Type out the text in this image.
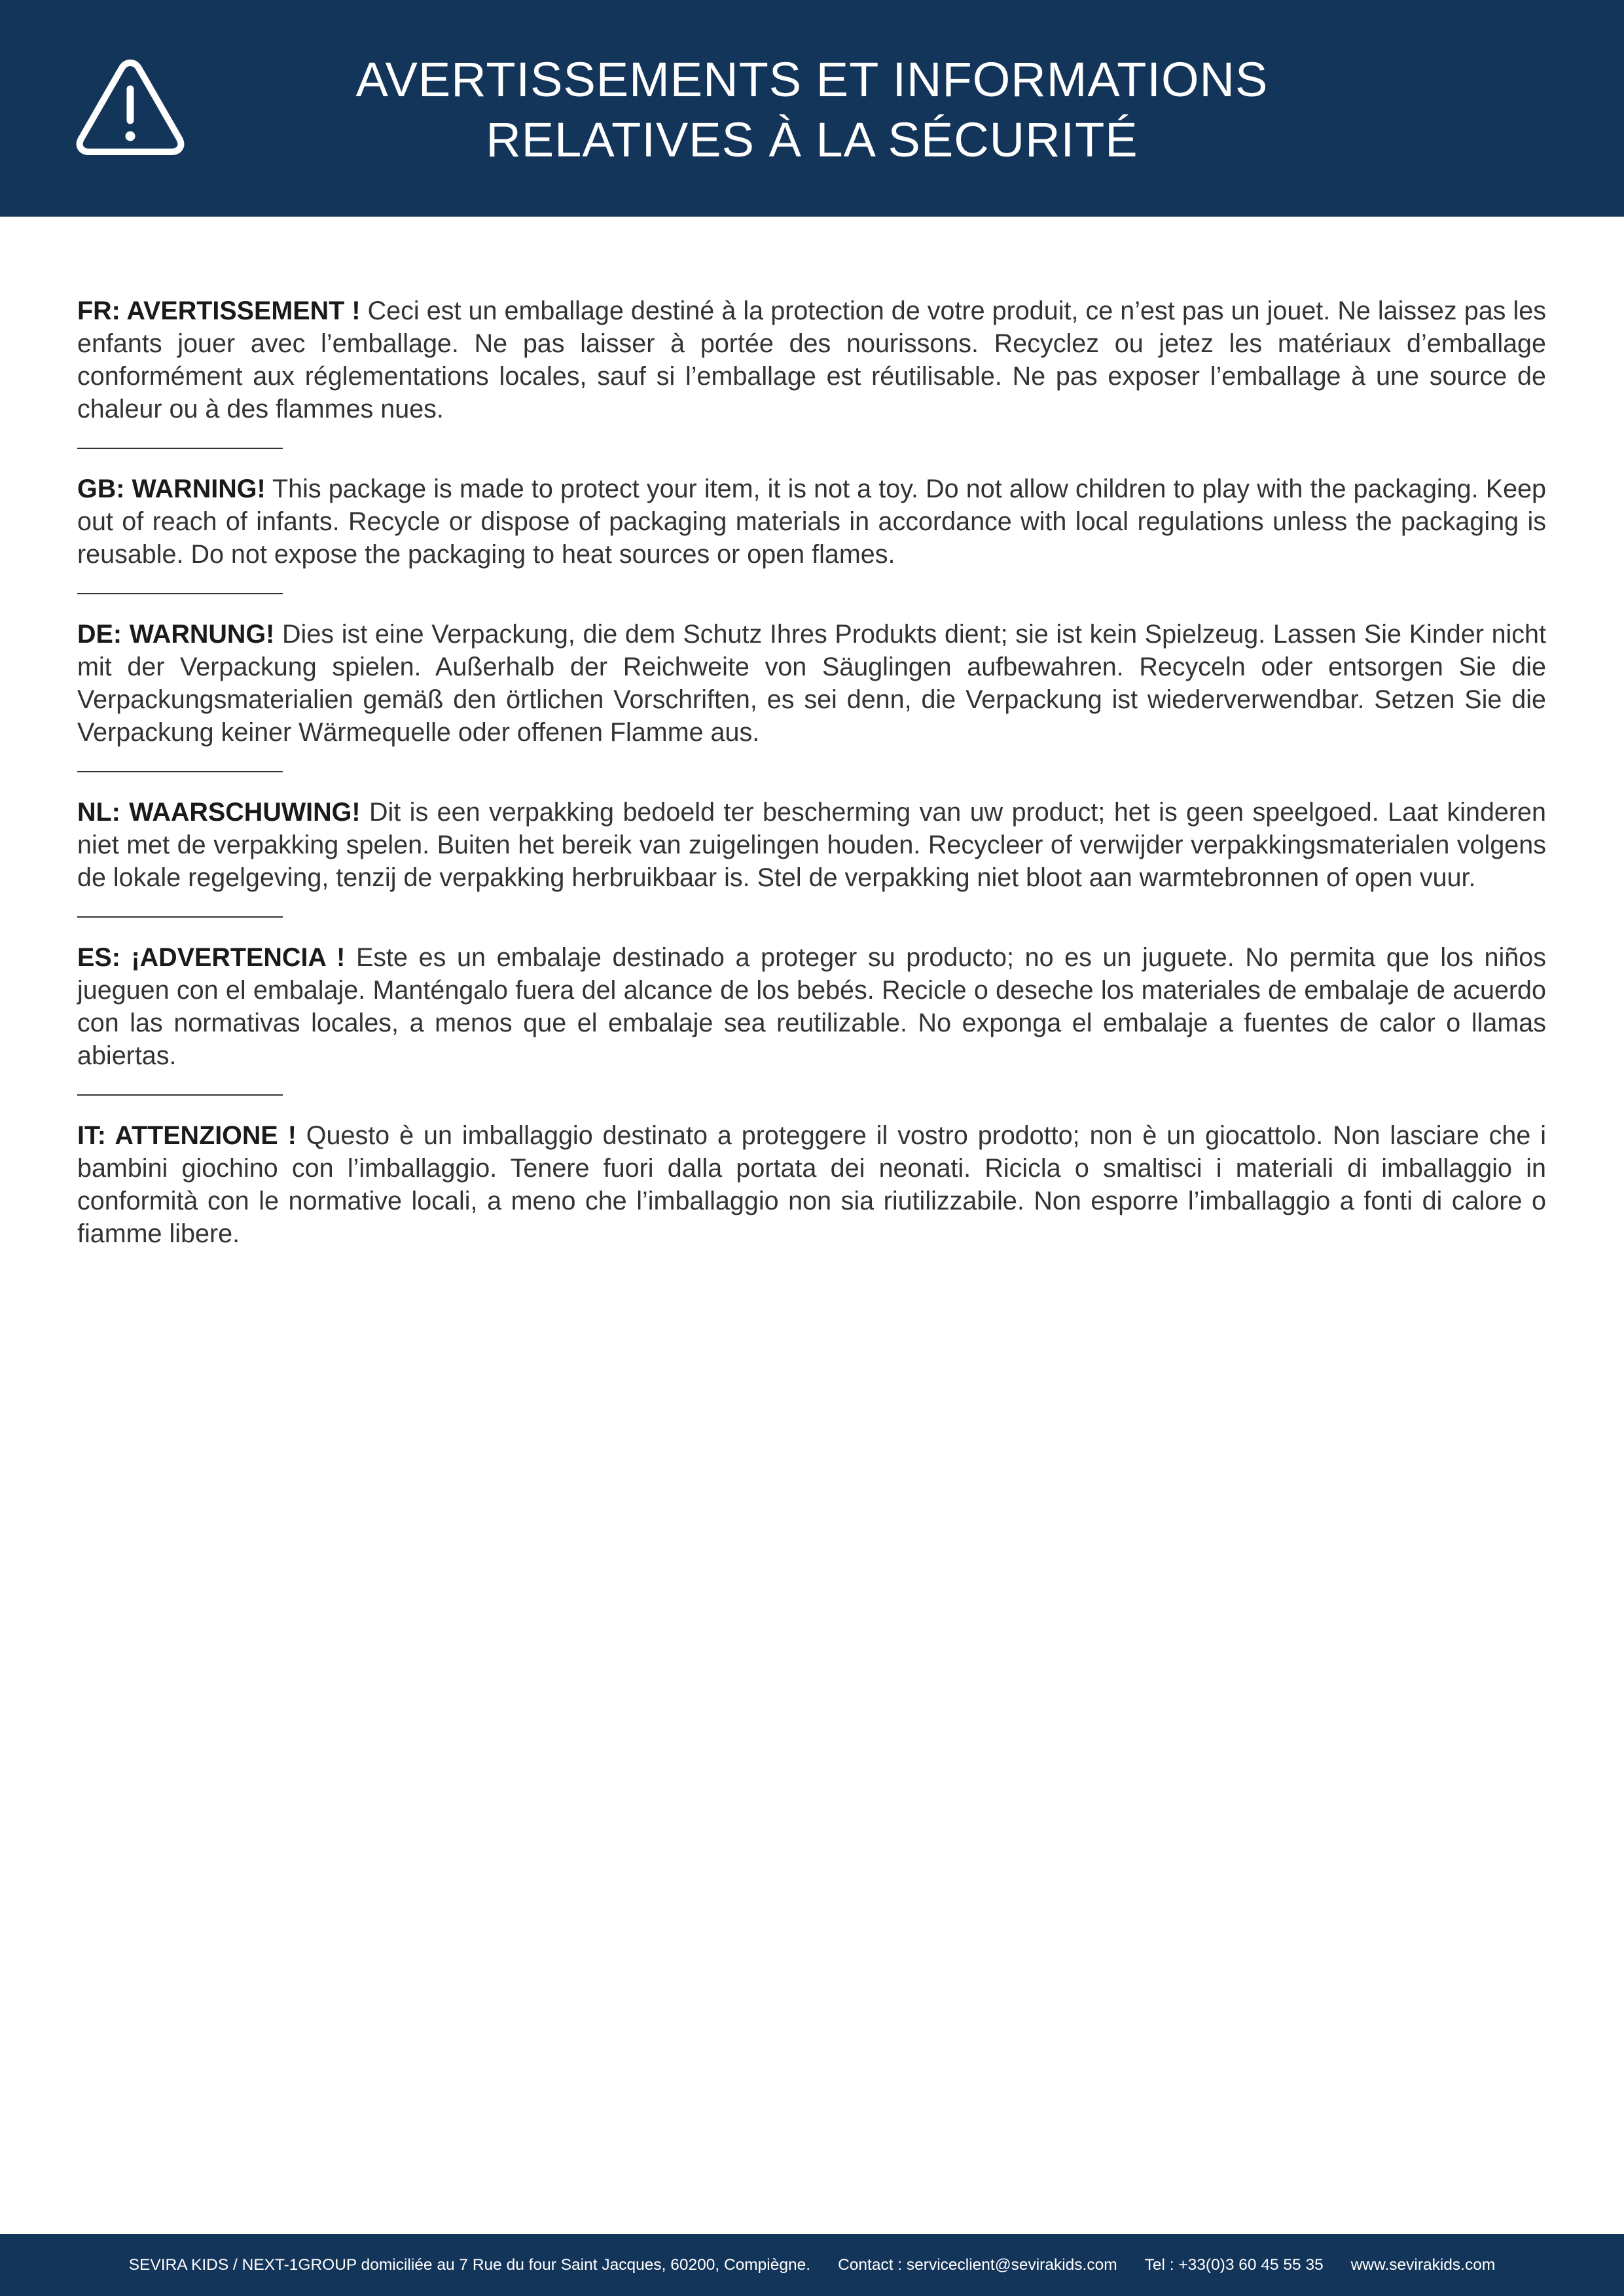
AVERTISSEMENTS ET INFORMATIONS
RELATIVES À LA SÉCURITÉ

FR: AVERTISSEMENT ! Ceci est un emballage destiné à la protection de votre produit, ce n’est pas un jouet. Ne laissez pas les enfants jouer avec l’emballage. Ne pas laisser à portée des nourissons. Recyclez ou jetez les matériaux d’emballage conformément aux réglementations locales, sauf si l’emballage est réutilisable. Ne pas exposer l’emballage à une source de chaleur ou à des flammes nues.

GB: WARNING! This package is made to protect your item, it is not a toy. Do not allow children to play with the packaging. Keep out of reach of infants. Recycle or dispose of packaging materials in accordance with local regulations unless the packaging is reusable. Do not expose the packaging to heat sources or open flames.

DE: WARNUNG! Dies ist eine Verpackung, die dem Schutz Ihres Produkts dient; sie ist kein Spielzeug. Lassen Sie Kinder nicht mit der Verpackung spielen. Außerhalb der Reichweite von Säuglingen aufbewahren. Recyceln oder entsorgen Sie die Verpackungsmaterialien gemäß den örtlichen Vorschriften, es sei denn, die Verpackung ist wiederverwendbar. Setzen Sie die Verpackung keiner Wärmequelle oder offenen Flamme aus.

NL: WAARSCHUWING! Dit is een verpakking bedoeld ter bescherming van uw product; het is geen speelgoed. Laat kinderen niet met de verpakking spelen. Buiten het bereik van zuigelingen houden. Recycleer of verwijder verpakkingsmaterialen volgens de lokale regelgeving, tenzij de verpakking herbruikbaar is. Stel de verpakking niet bloot aan warmtebronnen of open vuur.

ES: ¡ADVERTENCIA ! Este es un embalaje destinado a proteger su producto; no es un juguete. No permita que los niños jueguen con el embalaje. Manténgalo fuera del alcance de los bebés. Recicle o deseche los materiales de embalaje de acuerdo con las normativas locales, a menos que el embalaje sea reutilizable. No exponga el embalaje a fuentes de calor o llamas abiertas.

IT: ATTENZIONE ! Questo è un imballaggio destinato a proteggere il vostro prodotto; non è un giocattolo. Non lasciare che i bambini giochino con l’imballaggio. Tenere fuori dalla portata dei neonati. Ricicla o smaltisci i materiali di imballaggio in conformità con le normative locali, a meno che l’imballaggio non sia riutilizzabile. Non esporre l’imballaggio a fonti di calore o fiamme libere.

SEVIRA KIDS / NEXT-1GROUP domiciliée au 7 Rue du four Saint Jacques, 60200, Compiègne. Contact : serviceclient@sevirakids.com Tel : +33(0)3 60 45 55 35 www.sevirakids.com
